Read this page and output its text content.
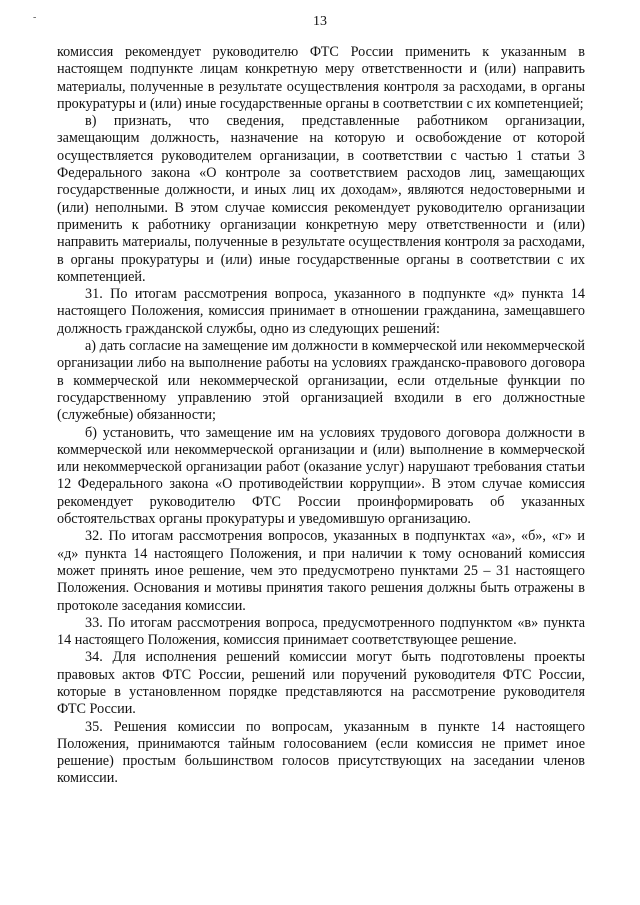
13
-

комиссия рекомендует руководителю ФТС России применить к указанным в настоящем подпункте лицам конкретную меру ответственности и (или) направить материалы, полученные в результате осуществления контроля за расходами, в органы прокуратуры и (или) иные государственные органы в соответствии с их компетенцией;

в) признать, что сведения, представленные работником организации, замещающим должность, назначение на которую и освобождение от которой осуществляется руководителем организации, в соответствии с частью 1 статьи 3 Федерального закона «О контроле за соответствием расходов лиц, замещающих государственные должности, и иных лиц их доходам», являются недостоверными и (или) неполными. В этом случае комиссия рекомендует руководителю организации применить к работнику организации конкретную меру ответственности и (или) направить материалы, полученные в результате осуществления контроля за расходами, в органы прокуратуры и (или) иные государственные органы в соответствии с их компетенцией.

31. По итогам рассмотрения вопроса, указанного в подпункте «д» пункта 14 настоящего Положения, комиссия принимает в отношении гражданина, замещавшего должность гражданской службы, одно из следующих решений:

а) дать согласие на замещение им должности в коммерческой или некоммерческой организации либо на выполнение работы на условиях гражданско-правового договора в коммерческой или некоммерческой организации, если отдельные функции по государственному управлению этой организацией входили в его должностные (служебные) обязанности;

б) установить, что замещение им на условиях трудового договора должности в коммерческой или некоммерческой организации и (или) выполнение в коммерческой или некоммерческой организации работ (оказание услуг) нарушают требования статьи 12 Федерального закона «О противодействии коррупции». В этом случае комиссия рекомендует руководителю ФТС России проинформировать об указанных обстоятельствах органы прокуратуры и уведомившую организацию.

32. По итогам рассмотрения вопросов, указанных в подпунктах «а», «б», «г» и «д» пункта 14 настоящего Положения, и при наличии к тому оснований комиссия может принять иное решение, чем это предусмотрено пунктами 25 – 31 настоящего Положения. Основания и мотивы принятия такого решения должны быть отражены в протоколе заседания комиссии.

33. По итогам рассмотрения вопроса, предусмотренного подпунктом «в» пункта 14 настоящего Положения, комиссия принимает соответствующее решение.

34. Для исполнения решений комиссии могут быть подготовлены проекты правовых актов ФТС России, решений или поручений руководителя ФТС России, которые в установленном порядке представляются на рассмотрение руководителя ФТС России.

35. Решения комиссии по вопросам, указанным в пункте 14 настоящего Положения, принимаются тайным голосованием (если комиссия не примет иное решение) простым большинством голосов присутствующих на заседании членов комиссии.
